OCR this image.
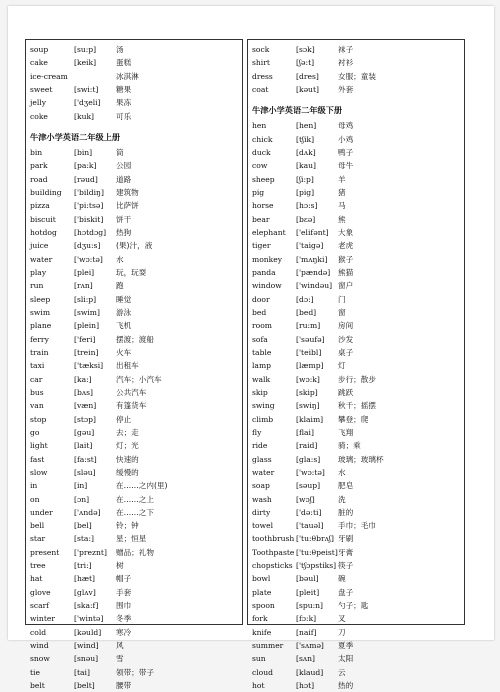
soup	[su:p]	汤
cake	[keik]	蛋糕
ice-cream	冰淇淋
sweet	[swi:t] 糖果
jelly	['dʒeli] 果冻
coke	[kuk]	可乐
牛津小学英语二年级上册
bin	[bin]	筒
park	[pa:k]	公园
road	[rəud] 道路
building ['bildiŋ] 建筑物
pizza	['pi:tsə] 比萨饼
biscuit ['biskit] 饼干
hotdog [hɔtdɔg] 热狗
juice	[dʒu:s] (果)汁，液
water	['wɔ:tə] 水
play	[plei]	玩，玩耍
run	[rʌn]	跑
sleep	[sli:p]	睡觉
swim	[swim] 游泳
plane	[plein] 飞机
ferry	['feri]	摆渡；渡船
train	[trein] 火车
taxi	['tæksi] 出租车
car	[ka:]	汽车；小汽车
bus	[bʌs]	公共汽车
van	[væn]	有篷货车
stop	[stɔp]	停止
go	[gəu]	去；走
light	[lait]	灯；光
fast	[fa:st]	快速的
slow	[sləu]	缓慢的
in	[in]	在……之内(里)
on	[ɔn]	在……之上
under	['ʌndə] 在……之下
bell	[bel]	铃；钟
star	[sta:]	星；恒星
present ['preznt] 赠品；礼物
tree	[tri:]	树
hat	[hæt]	帽子
glove	[glʌv]	手套
scarf	[ska:f] 围巾
winter	['wintə] 冬季
cold	[kəuld] 寒冷
wind	[wind] 风
snow	[snəu] 雪
tie	[tai]	领带；带子
belt	[belt]	腰带
sock	[sɔk]	袜子
shirt	[ʃə:t]	衬衫
dress	[dres]	女服；童装
coat	[kəut]	外套
牛津小学英语二年级下册
hen	[hen]	母鸡
chick	[tʃik]	小鸡
duck	[dʌk]	鸭子
cow	[kau]	母牛
sheep	[ʃi:p]	羊
pig	[pig]	猪
horse	[hɔ:s]	马
bear	[bɛə]	熊
elephant ['elifənt] 大象
tiger	['taigə] 老虎
monkey ['mʌŋki] 猴子
panda	['pændə] 熊猫
window ['windəu] 窗户
door	[dɔ:]	门
bed	[bed]	窗
room	[ru:m] 房间
sofa	['səufə] 沙发
table	['teibl] 桌子
lamp	[læmp] 灯
walk	[wɔ:k] 步行；散步
skip	[skip]	跳跃
swing	[swiŋ] 秋千；摇摆
climb	[klaim] 攀登；爬
fly	[flai]	飞翔
ride	[raid]	骑；乘
glass	[gla:s] 玻璃；玻璃杯
water	['wɔ:tə] 水
soap	[səup] 肥皂
wash	[wɔʃ]	洗
dirty	['də:ti] 脏的
towel	['tauəl] 手巾；毛巾
toothbrush ['tu:θbrʌʃ] 牙刷
Toothpaste ['tu:θpeist] 牙膏
chopsticks ['tʃɔpstiks] 筷子
bowl	[bəul]	碗
plate	[pleit] 盘子
spoon	[spu:n] 勺子；匙
fork	[fɔ:k]	叉
knife	[naif]	刀
summer ['sʌmə] 夏季
sun	[sʌn]	太阳
cloud	[klaud] 云
hot	[hɔt]	热的
